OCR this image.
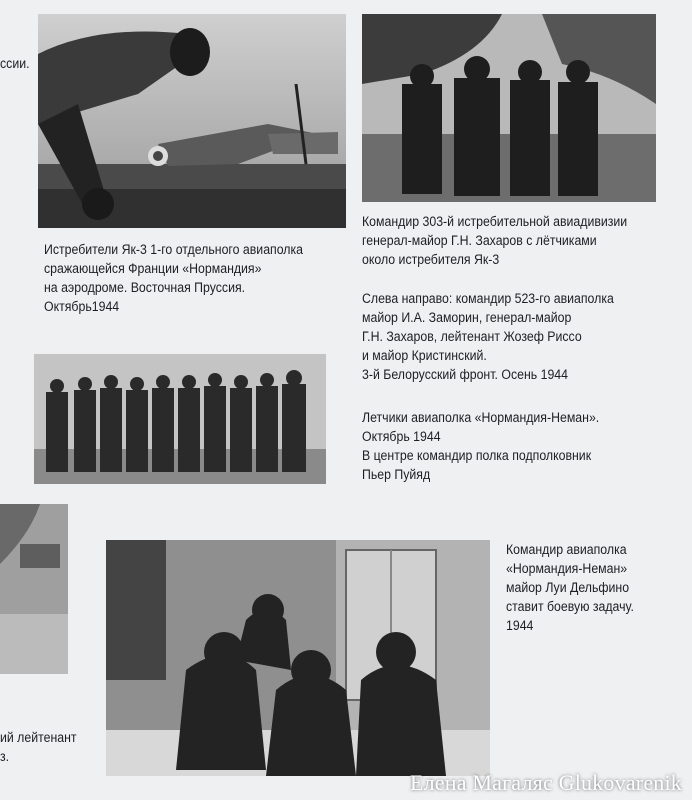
ссии.
Истребители Як-3 1-го отдельного авиаполка
сражающейся Франции «Нормандия»
на аэродроме. Восточная Пруссия.
Октябрь1944
Командир 303-й истребительной авиадивизии
генерал-майор Г.Н. Захаров с лётчиками
около истребителя Як-3
Слева направо: командир 523-го авиаполка
майор И.А. Заморин, генерал-майор
Г.Н. Захаров, лейтенант Жозеф Риссо
и майор Кристинский.
3-й Белорусский фронт. Осень 1944
Летчики авиаполка «Нормандия-Неман».
Октябрь 1944
В центре командир полка подполковник
Пьер Пуйяд
Командир авиаполка
«Нормандия-Неман»
майор Луи Дельфино
ставит боевую задачу.
1944
ий лейтенант
з.
Елена Магаляс Glukovarenik
